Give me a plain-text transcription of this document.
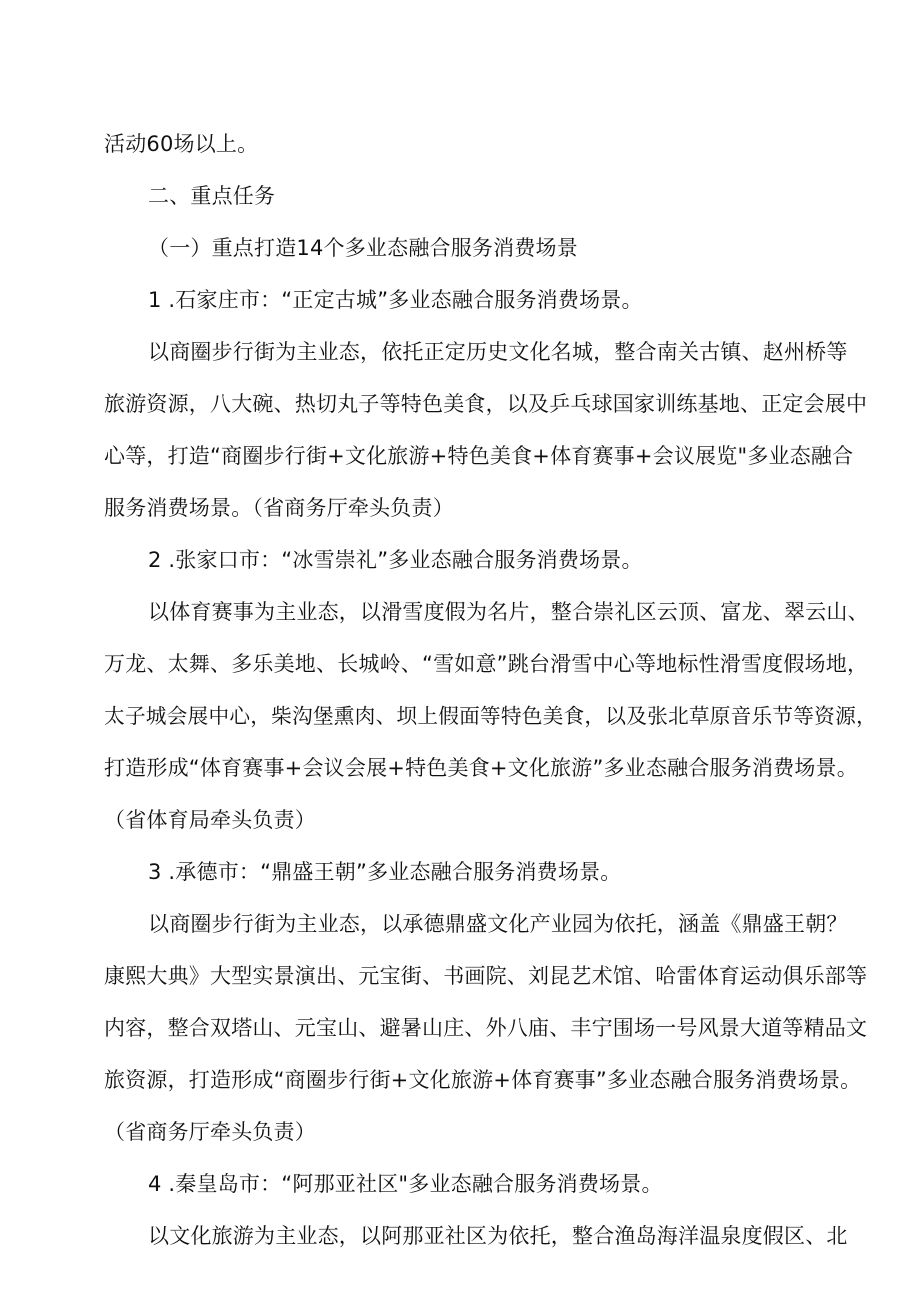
活动60场以上。
二、重点任务
（一）重点打造14个多业态融合服务消费场景
1 .石家庄市：“正定古城”多业态融合服务消费场景。
以商圈步行街为主业态，依托正定历史文化名城，整合南关古镇、赵州桥等
旅游资源，八大碗、热切丸子等特色美食，以及乒乓球国家训练基地、正定会展中
心等，打造“商圈步行街+文化旅游+特色美食+体育赛事+会议展览"多业态融合
服务消费场景。（省商务厅牵头负责）
2 .张家口市：“冰雪崇礼”多业态融合服务消费场景。
以体育赛事为主业态，以滑雪度假为名片，整合崇礼区云顶、富龙、翠云山、
万龙、太舞、多乐美地、长城岭、“雪如意”跳台滑雪中心等地标性滑雪度假场地，
太子城会展中心，柴沟堡熏肉、坝上假面等特色美食，以及张北草原音乐节等资源，
打造形成“体育赛事+会议会展+特色美食+文化旅游”多业态融合服务消费场景。
（省体育局牵头负责）
3 .承德市：“鼎盛王朝”多业态融合服务消费场景。
以商圈步行街为主业态，以承德鼎盛文化产业园为依托，涵盖《鼎盛王朝？
康熙大典》大型实景演出、元宝街、书画院、刘昆艺术馆、哈雷体育运动俱乐部等
内容，整合双塔山、元宝山、避暑山庄、外八庙、丰宁围场一号风景大道等精品文
旅资源，打造形成“商圈步行街+文化旅游+体育赛事”多业态融合服务消费场景。
（省商务厅牵头负责）
4 .秦皇岛市：“阿那亚社区"多业态融合服务消费场景。
以文化旅游为主业态，以阿那亚社区为依托，整合渔岛海洋温泉度假区、北
